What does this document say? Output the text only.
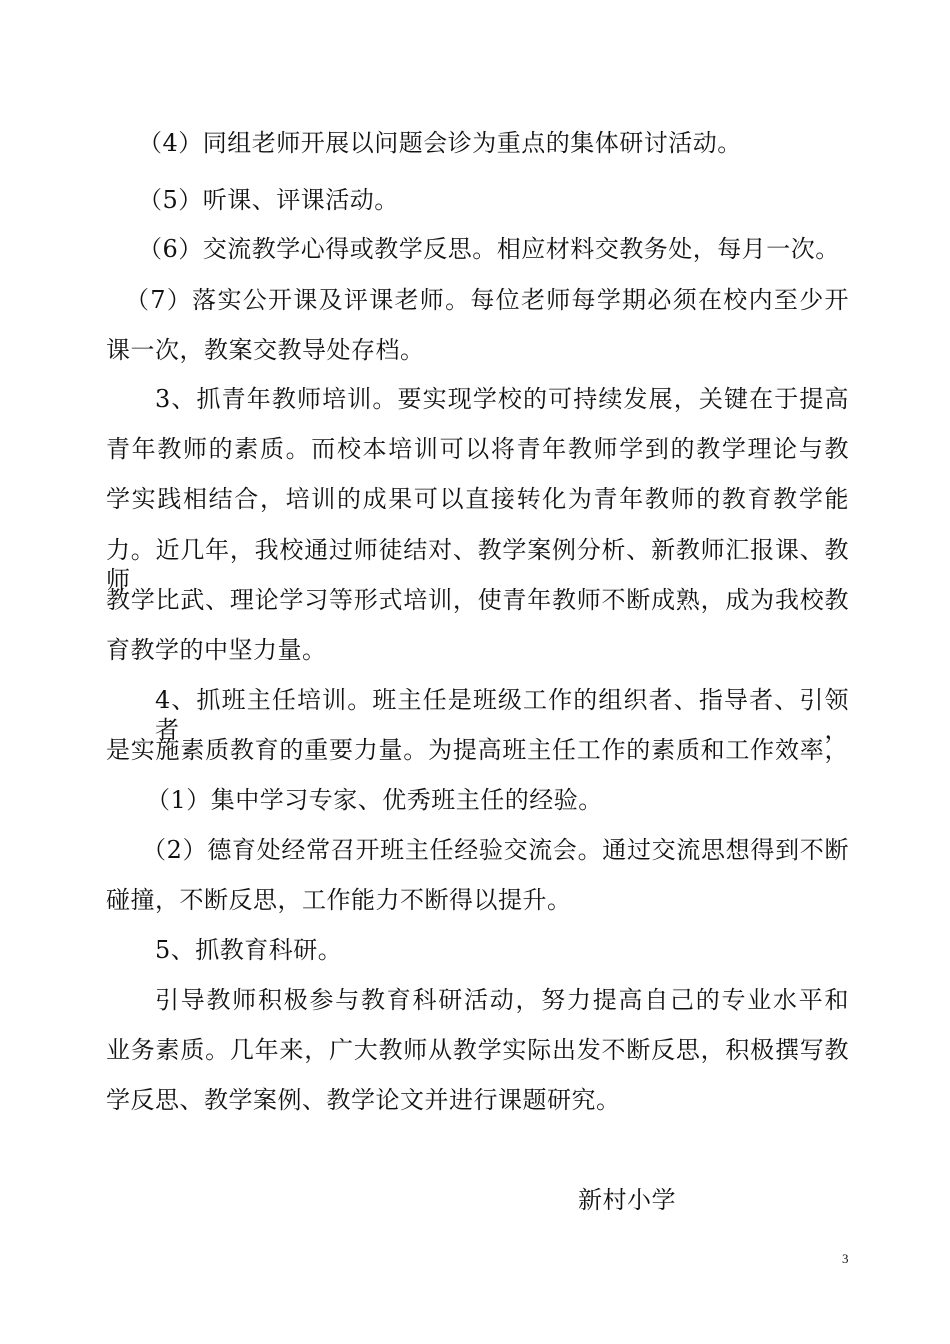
（4）同组老师开展以问题会诊为重点的集体研讨活动。
（5）听课、评课活动。
（6）交流教学心得或教学反思。相应材料交教务处，每月一次。
（7）落实公开课及评课老师。每位老师每学期必须在校内至少开
课一次，教案交教导处存档。
3、抓青年教师培训。要实现学校的可持续发展，关键在于提高
青年教师的素质。而校本培训可以将青年教师学到的教学理论与教
学实践相结合，培训的成果可以直接转化为青年教师的教育教学能
力。近几年，我校通过师徒结对、教学案例分析、新教师汇报课、教师
教学比武、理论学习等形式培训，使青年教师不断成熟，成为我校教
育教学的中坚力量。
4、抓班主任培训。班主任是班级工作的组织者、指导者、引领者，
是实施素质教育的重要力量。为提高班主任工作的素质和工作效率，
（1）集中学习专家、优秀班主任的经验。
（2）德育处经常召开班主任经验交流会。通过交流思想得到不断
碰撞，不断反思，工作能力不断得以提升。
5、抓教育科研。
引导教师积极参与教育科研活动，努力提高自己的专业水平和
业务素质。几年来，广大教师从教学实际出发不断反思，积极撰写教
学反思、教学案例、教学论文并进行课题研究。
新村小学
3
